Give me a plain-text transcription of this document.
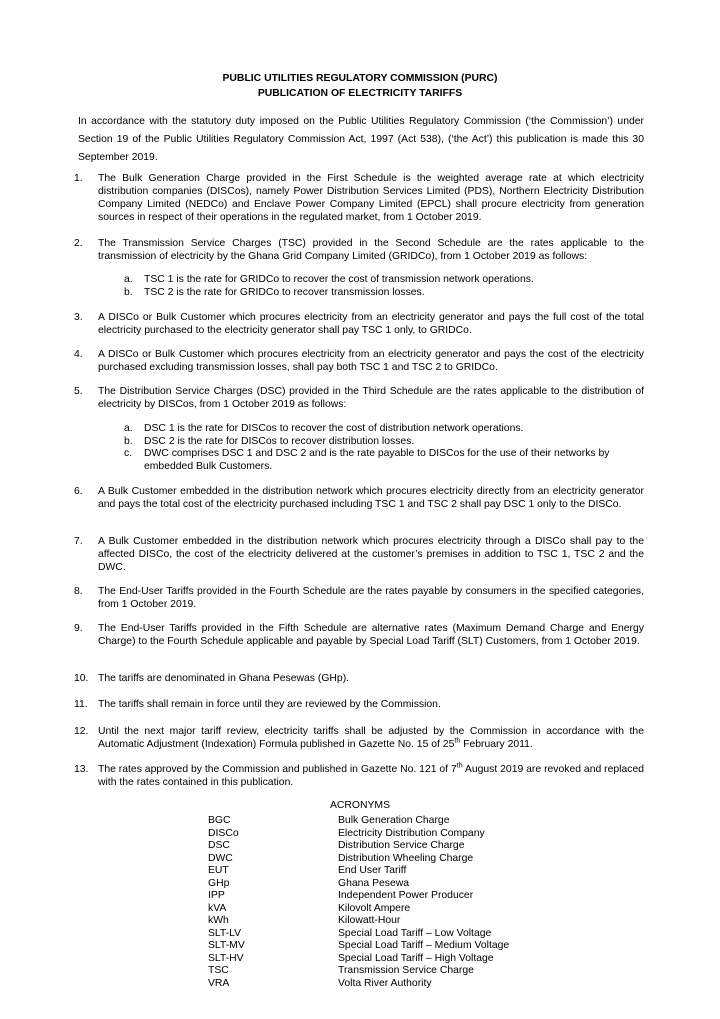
PUBLIC UTILITIES REGULATORY COMMISSION (PURC)
PUBLICATION OF ELECTRICITY TARIFFS
In accordance with the statutory duty imposed on the Public Utilities Regulatory Commission (‘the Commission’) under Section 19 of the Public Utilities Regulatory Commission Act, 1997 (Act 538), (‘the Act’) this publication is made this 30 September 2019.
1. The Bulk Generation Charge provided in the First Schedule is the weighted average rate at which electricity distribution companies (DISCos), namely Power Distribution Services Limited (PDS), Northern Electricity Distribution Company Limited (NEDCo) and Enclave Power Company Limited (EPCL) shall procure electricity from generation sources in respect of their operations in the regulated market, from 1 October 2019.
2. The Transmission Service Charges (TSC) provided in the Second Schedule are the rates applicable to the transmission of electricity by the Ghana Grid Company Limited (GRIDCo), from 1 October 2019 as follows:
a. TSC 1 is the rate for GRIDCo to recover the cost of transmission network operations.
b. TSC 2 is the rate for GRIDCo to recover transmission losses.
3. A DISCo or Bulk Customer which procures electricity from an electricity generator and pays the full cost of the total electricity purchased to the electricity generator shall pay TSC 1 only, to GRIDCo.
4. A DISCo or Bulk Customer which procures electricity from an electricity generator and pays the cost of the electricity purchased excluding transmission losses, shall pay both TSC 1 and TSC 2 to GRIDCo.
5. The Distribution Service Charges (DSC) provided in the Third Schedule are the rates applicable to the distribution of electricity by DISCos, from 1 October 2019 as follows:
a. DSC 1 is the rate for DISCos to recover the cost of distribution network operations.
b. DSC 2 is the rate for DISCos to recover distribution losses.
c. DWC comprises DSC 1 and DSC 2 and is the rate payable to DISCos for the use of their networks by embedded Bulk Customers.
6. A Bulk Customer embedded in the distribution network which procures electricity directly from an electricity generator and pays the total cost of the electricity purchased including TSC 1 and TSC 2 shall pay DSC 1 only to the DISCo.
7. A Bulk Customer embedded in the distribution network which procures electricity through a DISCo shall pay to the affected DISCo, the cost of the electricity delivered at the customer’s premises in addition to TSC 1, TSC 2 and the DWC.
8. The End-User Tariffs provided in the Fourth Schedule are the rates payable by consumers in the specified categories, from 1 October 2019.
9. The End-User Tariffs provided in the Fifth Schedule are alternative rates (Maximum Demand Charge and Energy Charge) to the Fourth Schedule applicable and payable by Special Load Tariff (SLT) Customers, from 1 October 2019.
10. The tariffs are denominated in Ghana Pesewas (GHp).
11. The tariffs shall remain in force until they are reviewed by the Commission.
12. Until the next major tariff review, electricity tariffs shall be adjusted by the Commission in accordance with the Automatic Adjustment (Indexation) Formula published in Gazette No. 15 of 25th February 2011.
13. The rates approved by the Commission and published in Gazette No. 121 of 7th August 2019 are revoked and replaced with the rates contained in this publication.
ACRONYMS
BGC	Bulk Generation Charge
DISCo	Electricity Distribution Company
DSC	Distribution Service Charge
DWC	Distribution Wheeling Charge
EUT	End User Tariff
GHp	Ghana Pesewa
IPP	Independent Power Producer
kVA	Kilovolt Ampere
kWh	Kilowatt-Hour
SLT-LV	Special Load Tariff – Low Voltage
SLT-MV	Special Load Tariff – Medium Voltage
SLT-HV	Special Load Tariff – High Voltage
TSC	Transmission Service Charge
VRA	Volta River Authority
